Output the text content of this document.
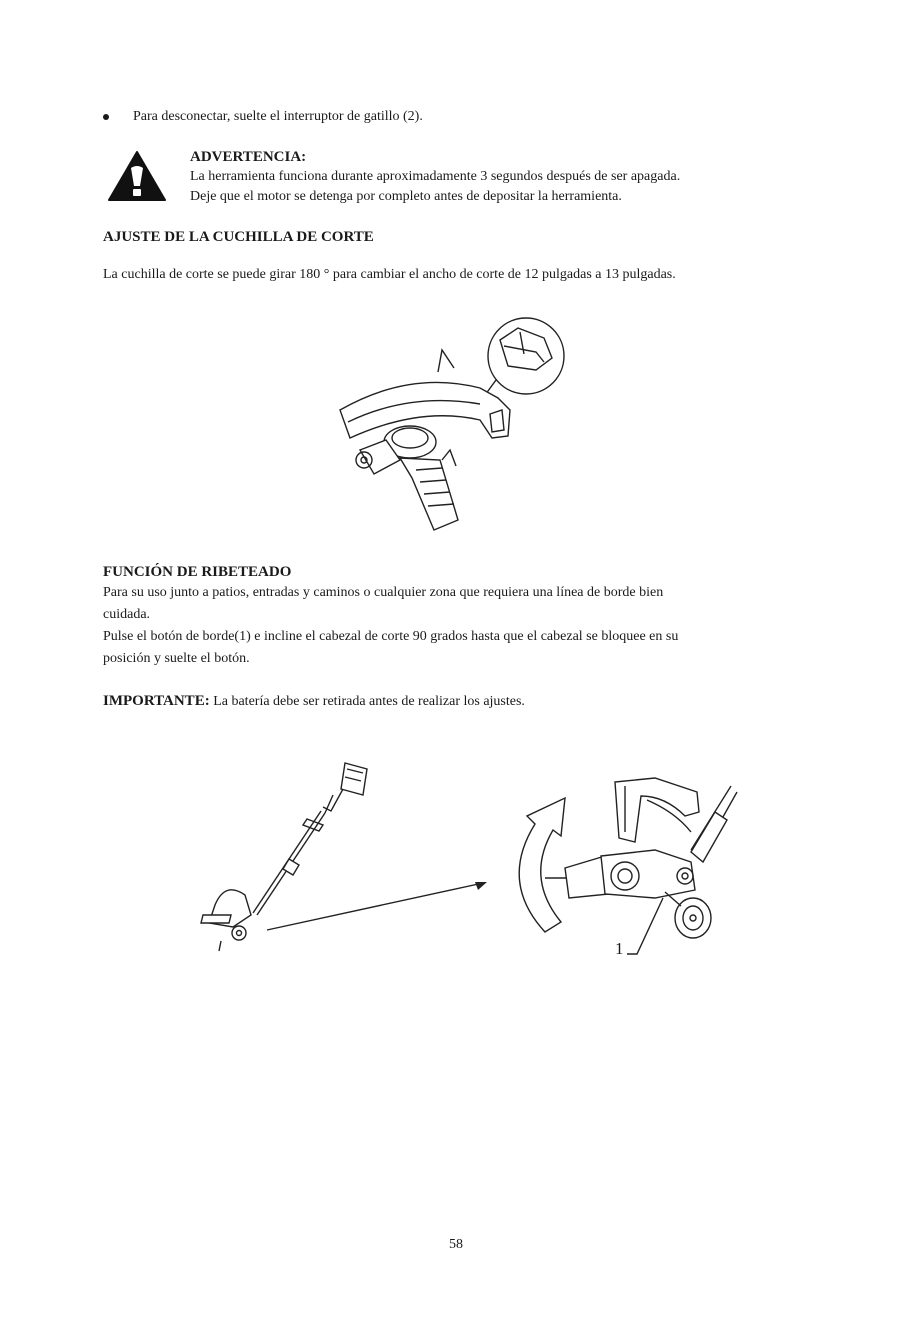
Para desconectar, suelte el interruptor de gatillo (2).
ADVERTENCIA:
La herramienta funciona durante aproximadamente 3 segundos después de ser apagada.
Deje que el motor se detenga por completo antes de depositar la herramienta.
AJUSTE DE LA CUCHILLA DE CORTE
La cuchilla de corte se puede girar 180 ° para cambiar el ancho de corte de 12 pulgadas a 13 pulgadas.
FUNCIÓN DE RIBETEADO
Para su uso junto a patios, entradas y caminos o cualquier zona que requiera una línea de borde bien
cuidada.
Pulse el botón de borde(1) e incline el cabezal de corte 90 grados hasta que el cabezal se bloquee en su
posición y suelte el botón.
IMPORTANTE: La batería debe ser retirada antes de realizar los ajustes.
1
58
